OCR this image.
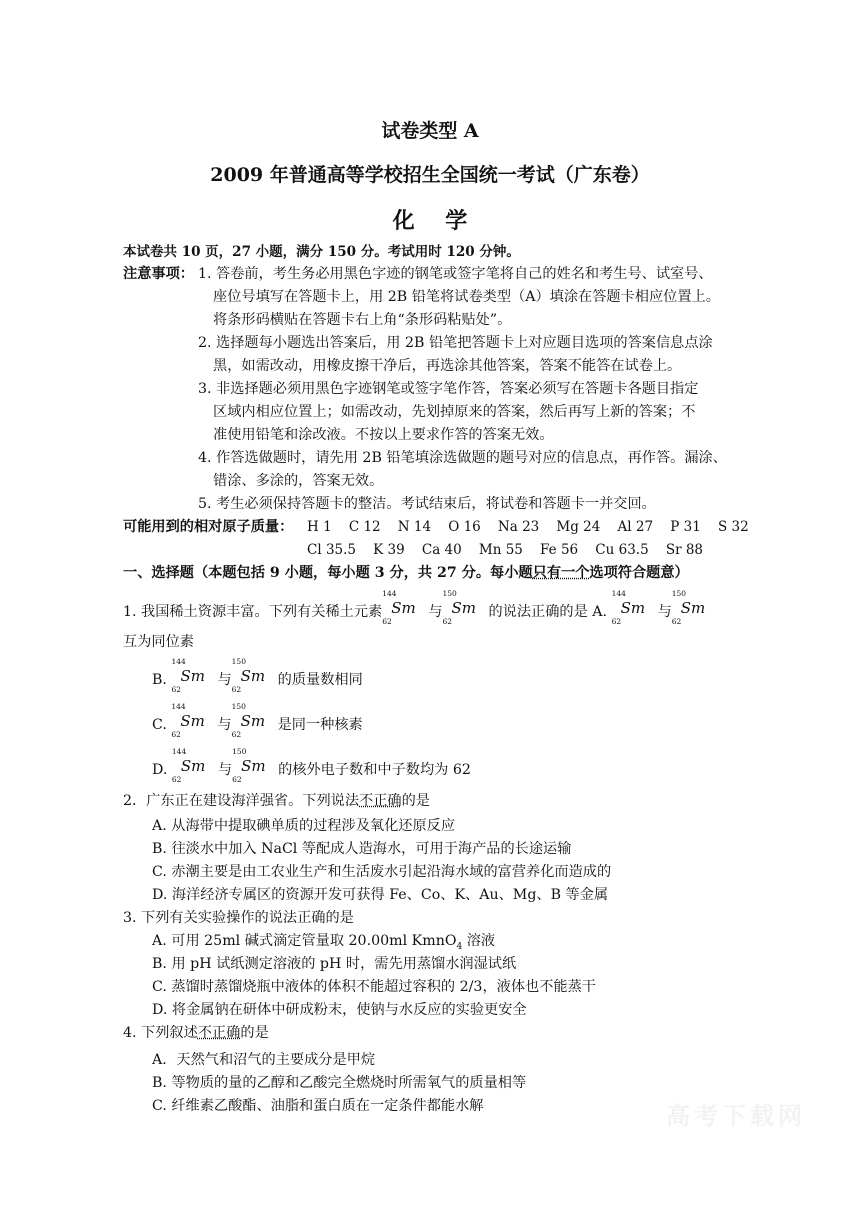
试卷类型 A
2009 年普通高等学校招生全国统一考试（广东卷）
化    学
本试卷共 10 页，27 小题，满分 150 分。考试用时 120 分钟。
注意事项： 1. 答卷前，考生务必用黑色字迹的钢笔或签字笔将自己的姓名和考生号、试室号、
座位号填写在答题卡上，用 2B 铅笔将试卷类型（A）填涂在答题卡相应位置上。
将条形码横贴在答题卡右上角“条形码粘贴处”。
2. 选择题每小题选出答案后，用 2B 铅笔把答题卡上对应题目选项的答案信息点涂
黑，如需改动，用橡皮擦干净后，再选涂其他答案，答案不能答在试卷上。
3. 非选择题必须用黑色字迹钢笔或签字笔作答，答案必须写在答题卡各题目指定
区域内相应位置上；如需改动，先划掉原来的答案，然后再写上新的答案；不
准使用铅笔和涂改液。不按以上要求作答的答案无效。
4. 作答选做题时，请先用 2B 铅笔填涂选做题的题号对应的信息点，再作答。漏涂、
错涂、多涂的，答案无效。
5. 考生必须保持答题卡的整洁。考试结束后，将试卷和答题卡一并交回。
可能用到的相对原子质量： H 1    C 12    N 14    O 16    Na 23    Mg 24    Al 27    P 31    S 32
Cl 35.5    K 39    Ca 40    Mn 55    Fe 56    Cu 63.5    Sr 88
一、选择题（本题包括 9 小题，每小题 3 分，共 27 分。每小题只有一个选项符合题意）
1. 我国稀土资源丰富。下列有关稀土元素
144
62
Sm 与
150
62
Sm 的说法正确的是 A.
144
62
Sm 与
150
62
Sm
互为同位素
B.
144
62
Sm 与
150
62
Sm 的质量数相同
C.
144
62
Sm 与
150
62
Sm 是同一种核素
D.
144
62
Sm 与
150
62
Sm 的核外电子数和中子数均为 62
2．广东正在建设海洋强省。下列说法不正确的是
A. 从海带中提取碘单质的过程涉及氧化还原反应
B. 往淡水中加入 NaCl 等配成人造海水，可用于海产品的长途运输
C. 赤潮主要是由工农业生产和生活废水引起沿海水域的富营养化而造成的
D. 海洋经济专属区的资源开发可获得 Fe、Co、K、Au、Mg、B 等金属
3. 下列有关实验操作的说法正确的是
A. 可用 25ml 碱式滴定管量取 20.00ml KmnO$_4$ 溶液
B. 用 pH 试纸测定溶液的 pH 时，需先用蒸馏水润湿试纸
C. 蒸馏时蒸馏烧瓶中液体的体积不能超过容积的 2/3，液体也不能蒸干
D. 将金属钠在研体中研成粉末，使钠与水反应的实验更安全
4. 下列叙述不正确的是
A．天然气和沼气的主要成分是甲烷
B. 等物质的量的乙醇和乙酸完全燃烧时所需氧气的质量相等
C. 纤维素乙酸酯、油脂和蛋白质在一定条件都能水解	高考下载网
